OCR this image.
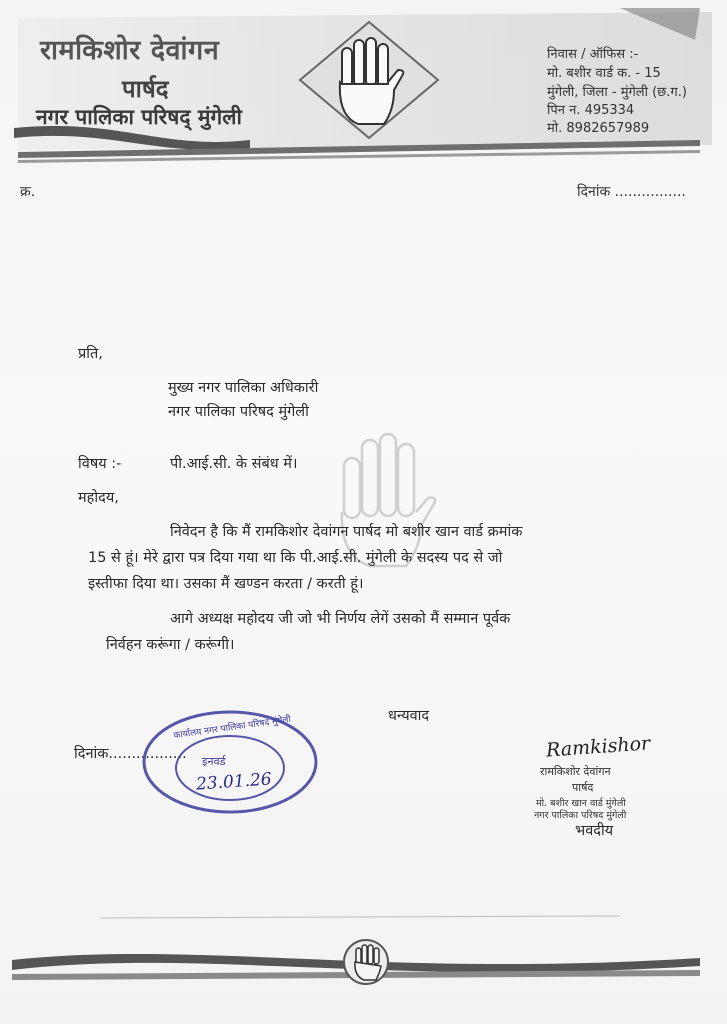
रामकिशोर देवांगन
पार्षद
नगर पालिका परिषद् मुंगेली
निवास / ऑफिस :-
मो. बशीर वार्ड क. - 15
मुंगेली, जिला - मुंगेली (छ.ग.)
पिन न. 495334
मो. 8982657989
क्र.	दिनांक ................
प्रति,
मुख्य नगर पालिका अधिकारी
नगर पालिका परिषद मुंगेली
विषय :-	पी.आई.सी. के संबंध में।
महोदय,
निवेदन है कि मैं रामकिशोर देवांगन पार्षद मो बशीर खान वार्ड क्रमांक
15 से हूं। मेरे द्वारा पत्र दिया गया था कि पी.आई.सी. मुंगेली के सदस्य पद से जो
इस्तीफा दिया था। उसका मैं खण्डन करता / करती हूं।
आगे अध्यक्ष महोदय जी जो भी निर्णय लेगें उसको मैं सम्मान पूर्वक
निर्वहन करूंगा / करूंगी।
धन्यवाद
दिनांक.................
कार्यालय नगर पालिका परिषद मुंगेली
इनवर्ड
23.01.26
Ramkishor
रामकिशोर देवांगन
पार्षद
मो. बशीर खान वार्ड मुंगेली
नगर पालिका परिषद मुंगेली
भवदीय
